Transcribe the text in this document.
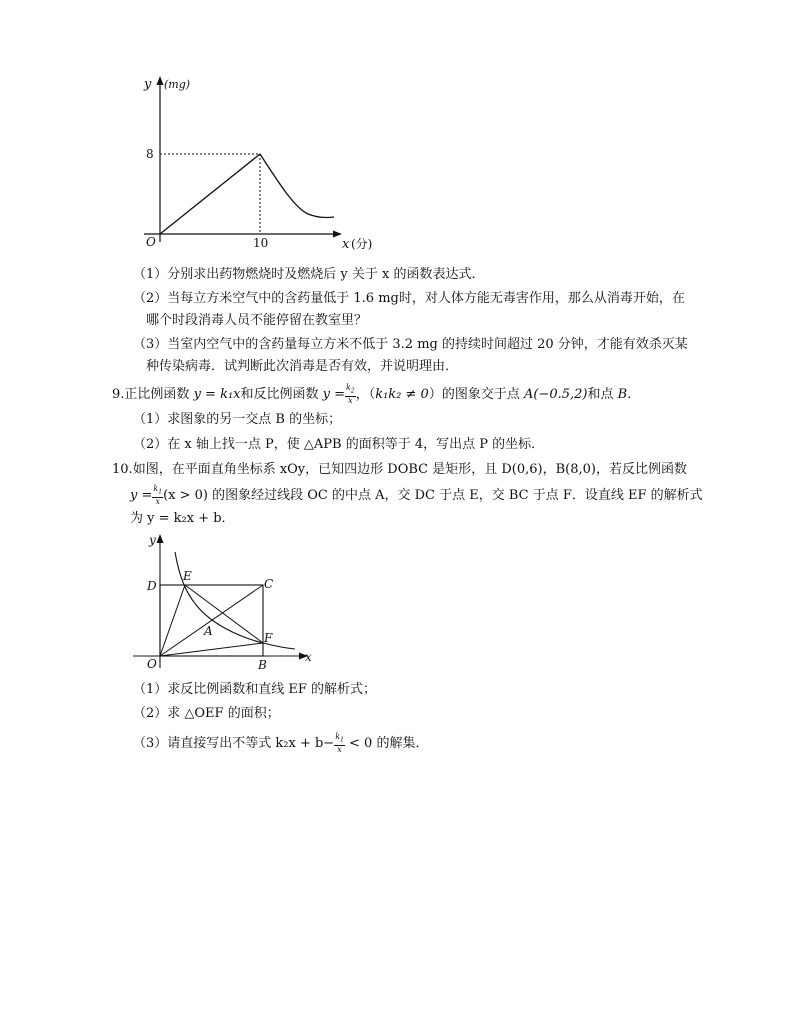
y (mg)
8
O	10	x (分)
（1）分别求出药物燃烧时及燃烧后 y 关于 x 的函数表达式．
（2）当每立方米空气中的含药量低于 1.6 mg时，对人体方能无毒害作用，那么从消毒开始，在
哪个时段消毒人员不能停留在教室里？
（3）当室内空气中的含药量每立方米不低于 3.2 mg 的持续时间超过 20 分钟，才能有效杀灭某
种传染病毒．试判断此次消毒是否有效，并说明理由．
9.正比例函数 y = k₁x和反比例函数 $y = \frac{k_2}{x}$ ，（k₁k₂ ≠ 0）的图象交于点 A(−0.5,2)和点 B．
（1）求图象的另一交点 B 的坐标；
（2）在 x 轴上找一点 P，使 △APB 的面积等于 4，写出点 P 的坐标．
10.如图，在平面直角坐标系 xOy，已知四边形 DOBC 是矩形，且 D(0,6)，B(8,0)，若反比例函数
$y = \frac{k_1}{x} (x > 0)$ 的图象经过线段 OC 的中点 A，交 DC 于点 E，交 BC 于点 F．设直线 EF 的解析式
为 y = k₂x + b．
y
x
O
D
E
C
A	F
B
（1）求反比例函数和直线 EF 的解析式；
（2）求 △OEF 的面积；
（3）请直接写出不等式 $k_2x + b- \frac{k_1}{x} < 0$ 的解集．
